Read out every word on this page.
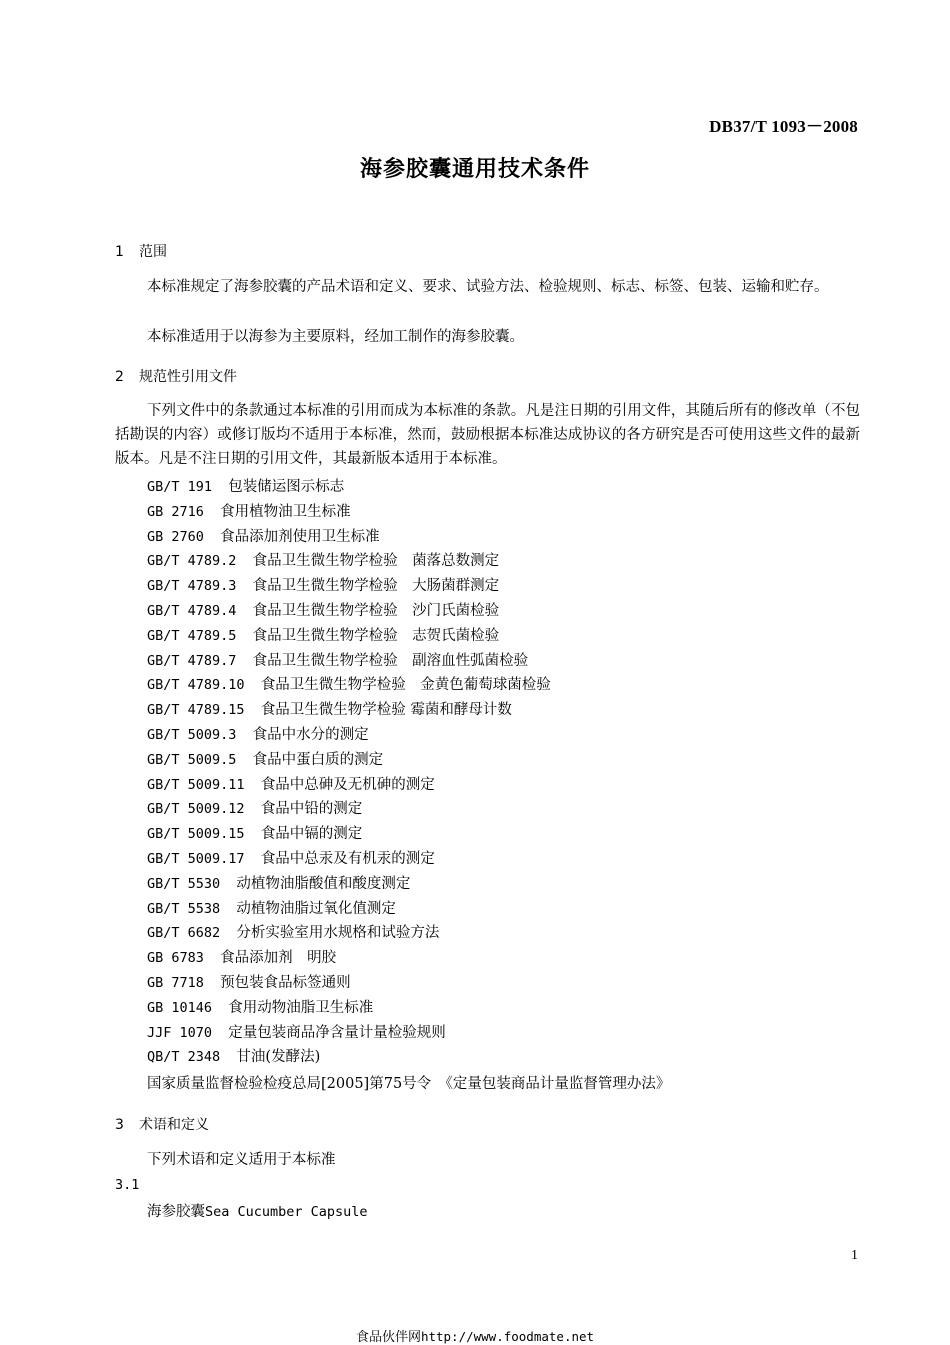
DB37/T 1093－2008
海参胶囊通用技术条件
1 范围

本标准规定了海参胶囊的产品术语和定义、要求、试验方法、检验规则、标志、标签、包装、运输和贮存。

本标准适用于以海参为主要原料，经加工制作的海参胶囊。

2 规范性引用文件

下列文件中的条款通过本标准的引用而成为本标准的条款。凡是注日期的引用文件，其随后所有的修改单（不包括勘误的内容）或修订版均不适用于本标准，然而，鼓励根据本标准达成协议的各方研究是否可使用这些文件的最新版本。凡是不注日期的引用文件，其最新版本适用于本标准。

GB/T 191 包装储运图示标志
GB 2716 食用植物油卫生标准
GB 2760 食品添加剂使用卫生标准
GB/T 4789.2 食品卫生微生物学检验　菌落总数测定
GB/T 4789.3 食品卫生微生物学检验　大肠菌群测定
GB/T 4789.4 食品卫生微生物学检验　沙门氏菌检验
GB/T 4789.5 食品卫生微生物学检验　志贺氏菌检验
GB/T 4789.7 食品卫生微生物学检验　副溶血性弧菌检验
GB/T 4789.10 食品卫生微生物学检验　金黄色葡萄球菌检验
GB/T 4789.15 食品卫生微生物学检验 霉菌和酵母计数
GB/T 5009.3 食品中水分的测定
GB/T 5009.5 食品中蛋白质的测定
GB/T 5009.11 食品中总砷及无机砷的测定
GB/T 5009.12 食品中铅的测定
GB/T 5009.15 食品中镉的测定
GB/T 5009.17 食品中总汞及有机汞的测定
GB/T 5530 动植物油脂酸值和酸度测定
GB/T 5538 动植物油脂过氧化值测定
GB/T 6682 分析实验室用水规格和试验方法
GB 6783 食品添加剂　明胶
GB 7718 预包装食品标签通则
GB 10146 食用动物油脂卫生标准
JJF 1070 定量包装商品净含量计量检验规则
QB/T 2348 甘油(发酵法)
国家质量监督检验检疫总局[2005]第75号令　《定量包装商品计量监督管理办法》
3 术语和定义
下列术语和定义适用于本标准
3.1
海参胶囊Sea Cucumber Capsule
1
食品伙伴网http://www.foodmate.net
